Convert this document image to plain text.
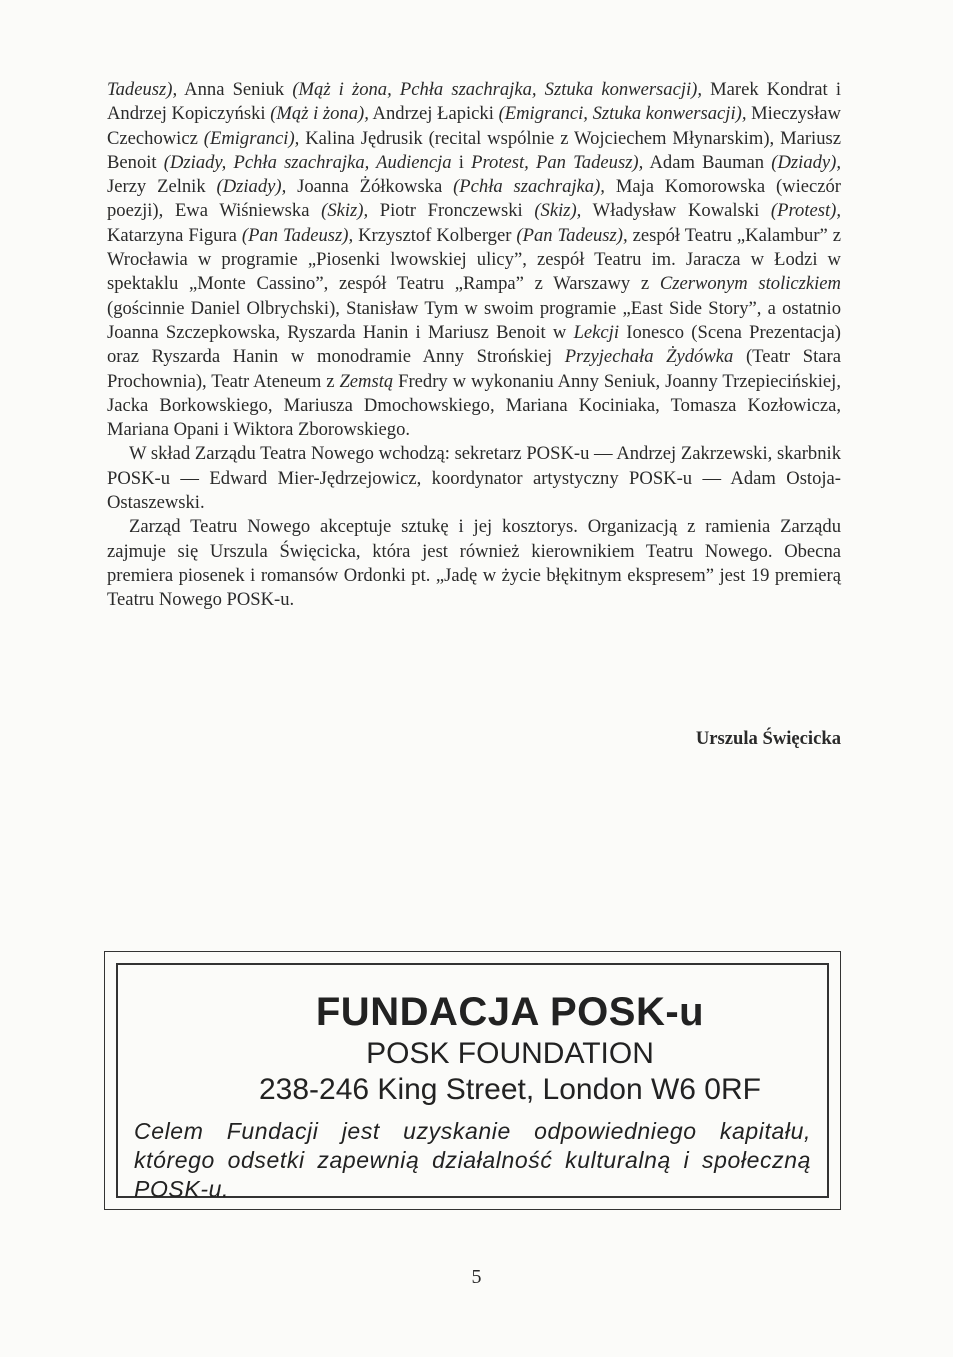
Tadeusz), Anna Seniuk (Mąż i żona, Pchła szachrajka, Sztuka konwersacji), Marek Kondrat i Andrzej Kopiczyński (Mąż i żona), Andrzej Łapicki (Emigranci, Sztuka konwersacji), Mieczysław Czechowicz (Emigranci), Kalina Jędrusik (recital wspólnie z Wojciechem Młynarskim), Mariusz Benoit (Dziady, Pchła szachrajka, Audiencja i Protest, Pan Tadeusz), Adam Bauman (Dziady), Jerzy Zelnik (Dziady), Joanna Żółkowska (Pchła szachrajka), Maja Komorowska (wieczór poezji), Ewa Wiśniewska (Skiz), Piotr Fronczewski (Skiz), Władysław Kowalski (Protest), Katarzyna Figura (Pan Tadeusz), Krzysztof Kolberger (Pan Tadeusz), zespół Teatru „Kalambur” z Wrocławia w programie „Piosenki lwowskiej ulicy”, zespół Teatru im. Jaracza w Łodzi w spektaklu „Monte Cassino”, zespół Teatru „Rampa” z Warszawy z Czerwonym stoliczkiem (gościnnie Daniel Olbrychski), Stanisław Tym w swoim programie „East Side Story”, a ostatnio Joanna Szczepkowska, Ryszarda Hanin i Mariusz Benoit w Lekcji Ionesco (Scena Prezentacja) oraz Ryszarda Hanin w monodramie Anny Strońskiej Przyjechała Żydówka (Teatr Stara Prochownia), Teatr Ateneum z Zemstą Fredry w wykonaniu Anny Seniuk, Joanny Trzepiecińskiej, Jacka Borkowskiego, Mariusza Dmochowskiego, Mariana Kociniaka, Tomasza Kozłowicza, Mariana Opani i Wiktora Zborowskiego.

W skład Zarządu Teatra Nowego wchodzą: sekretarz POSK-u — Andrzej Zakrzewski, skarbnik POSK-u — Edward Mier-Jędrzejowicz, koordynator artystyczny POSK-u — Adam Ostoja-Ostaszewski.

Zarząd Teatru Nowego akceptuje sztukę i jej kosztorys. Organizacją z ramienia Zarządu zajmuje się Urszula Święcicka, która jest również kierownikiem Teatru Nowego. Obecna premiera piosenek i romansów Ordonki pt. „Jadę w życie błękitnym ekspresem” jest 19 premierą Teatru Nowego POSK-u.

Urszula Święcicka
FUNDACJA POSK-u
POSK FOUNDATION
238-246 King Street, London W6 0RF
Celem Fundacji jest uzyskanie odpowiedniego kapitału, którego odsetki zapewnią działalność kulturalną i społeczną POSK-u.
5
